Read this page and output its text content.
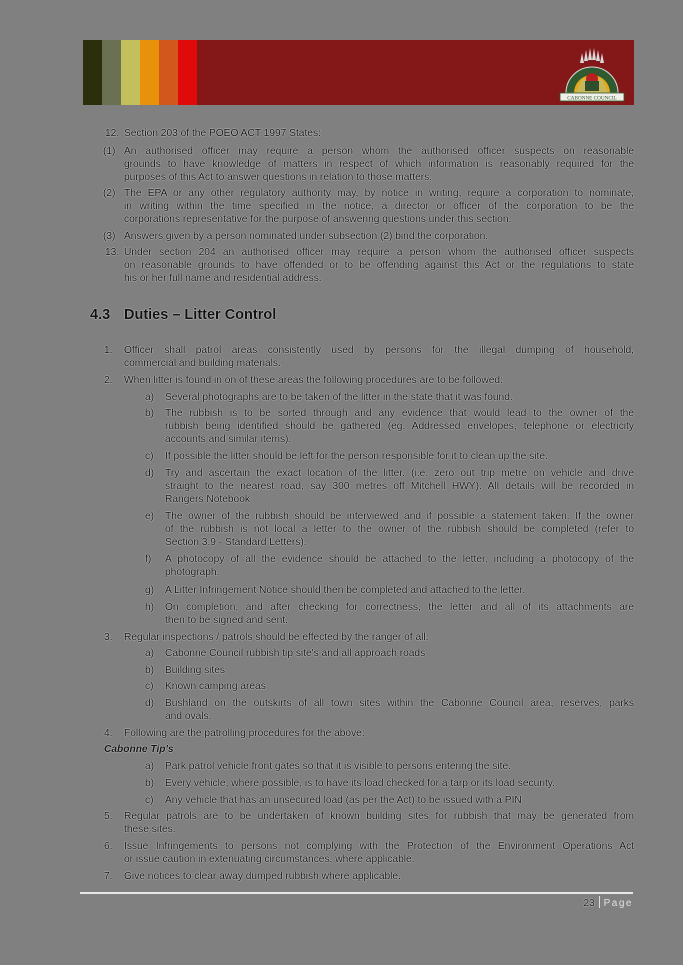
CABONNE COUNCIL
12. Section 203 of the POEO ACT 1997 States:
(1) An authorised officer may require a person whom the authorised officer suspects on reasonable
grounds to have knowledge of matters in respect of which information is reasonably required for the
purposes of this Act to answer questions in relation to those matters.
(2) The EPA or any other regulatory authority may, by notice in writing, require a corporation to nominate,
in writing within the time specified in the notice, a director or officer of the corporation to be the
corporations representative for the purpose of answering questions under this section.
(3) Answers given by a person nominated under subsection (2) bind the corporation.
13. Under section 204 an authorised officer may require a person whom the authorised officer suspects
on reasonable grounds to have offended or to be offending against this Act or the regulations to state
his or her full name and residential address.
4.3 Duties – Litter Control
1. Officer shall patrol areas consistently used by persons for the illegal dumping of household,
commercial and building materials.
2. When litter is found in on of these areas the following procedures are to be followed:
a) Several photographs are to be taken of the litter in the state that it was found.
b) The rubbish is to be sorted through and any evidence that would lead to the owner of the
rubbish being identified should be gathered (eg. Addressed envelopes, telephone or electricity
accounts and similar items).
c) If possible the litter should be left for the person responsible for it to clean up the site.
d) Try and ascertain the exact location of the litter. (i.e. zero out trip metre on vehicle and drive
straight to the nearest road, say 300 metres off Mitchell HWY). All details will be recorded in
Rangers Notebook
e) The owner of the rubbish should be interviewed and if possible a statement taken. If the owner
of the rubbish is not local a letter to the owner of the rubbish should be completed (refer to
Section 3.9 - Standard Letters).
f) A photocopy of all the evidence should be attached to the letter, including a photocopy of the
photograph.
g) A Litter Infringement Notice should then be completed and attached to the letter.
h) On completion, and after checking for correctness, the letter and all of its attachments are
then to be signed and sent.
3. Regular inspections / patrols should be effected by the ranger of all:
a) Cabonne Council rubbish tip site's and all approach roads
b) Building sites
c) Known camping areas
d) Bushland on the outskirts of all town sites within the Cabonne Council area, reserves, parks
and ovals.
4. Following are the patrolling procedures for the above:
Cabonne Tip's
a) Park patrol vehicle front gates so that it is visible to persons entering the site.
b) Every vehicle, where possible, is to have its load checked for a tarp or its load security.
c) Any vehicle that has an unsecured load (as per the Act) to be issued with a PIN
5. Regular patrols are to be undertaken of known building sites for rubbish that may be generated from
these sites.
6. Issue Infringements to persons not complying with the Protection of the Environment Operations Act
or issue caution in extenuating circumstances, where applicable.
7. Give notices to clear away dumped rubbish where applicable.
23 Page
